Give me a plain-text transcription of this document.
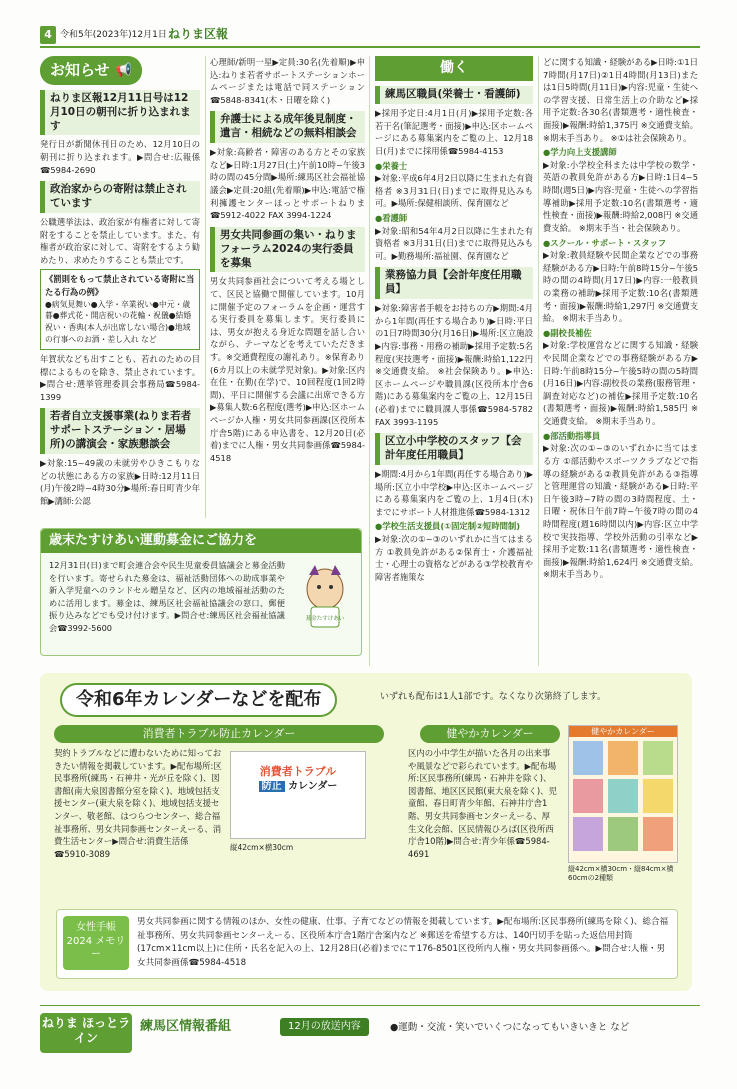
4 令和5年(2023年)12月1日 ねりま区報
お知らせ 📢
ねりま区報12月11日号は12月10日の朝刊に折り込まれます

発行日が新聞休刊日のため、12月10日の朝刊に折り込まれます。▶問合せ:広報係☎5984-2690

政治家からの寄附は禁止されています

公職選挙法は、政治家が有権者に対して寄附をすることを禁止しています。また、有権者が政治家に対して、寄附をするよう勧めたり、求めたりすることも禁止です。

《罰則をもって禁止されている寄附に当たる行為の例》
●病気見舞い●入学・卒業祝い●中元・歳暮●葬式花・開店祝いの花輪・祝儀●結婚祝い・香典(本人が出席しない場合)●地域の行事へのお酒・差し入れ など

年賀状なども出すことも、若れのための目標によるものを除き、禁止されています。▶問合せ:選挙管理委員会事務局☎5984-1399

若者自立支援事業(ねりま若者サポートステーション・居場所)の講演会・家族懇談会

▶対象:15~49歳の未就労やひきこもりなどの状態にある方の家族▶日時:12月11日(月)午後2時~4時30分▶場所:春日町青少年館▶講師:公認

心理師/新明一星▶定員:30名(先着順)▶申込:ねりま若者サポートステーションホームページまたは電話で同ステーション☎5848-8341(木・日曜を除く)

弁護士による成年後見制度・遺言・相続などの無料相談会

▶対象:高齢者・障害のある方とその家族など▶日時:1月27日(土)午前10時~午後3時の間の45分間▶場所:練馬区社会福祉協議会▶定員:20組(先着順)▶申込:電話で権利擁護センターほっとサポートねりま☎5912-4022 FAX 3994-1224

男女共同参画の集い・ねりまフォーラム2024の実行委員を募集

男女共同参画社会について考える場として、区民と協働で開催しています。10月に開催予定のフォーラムを企画・運営する実行委員を募集します。実行委員には、男女が抱える身近な問題を話し合いながら、テーマなどを考えていただきます。※交通費程度の謝礼あり。※保育あり(6カ月以上の未就学児対象)。▶対象:区内在住・在勤(在学)で、10回程度(1回2時間)、平日に開催する会議に出席できる方▶募集人数:6名程度(選考)▶申込:区ホームページか人権・男女共同参画課(区役所本庁舎5階)にある申込書を、12月20日(必着)までに人権・男女共同参画係☎5984-4518

歳末たすけあい運動募金にご協力を
12月31日(日)まで町会連合会や民生児童委員協議会と募金活動を行います。寄せられた募金は、福祉活動団体への助成事業や新入学児童へのランドセル贈呈など、区内の地域福祉活動のために活用します。募金は、練馬区社会福祉協議会の窓口、郵便振り込みなどでも受け付けます。▶問合せ:練馬区社会福祉協議会☎3992-5600
募金たすけあい
働く
練馬区職員(栄養士・看護師)

▶採用予定日:4月1日(月)▶採用予定数:各若干名(筆記選考・面接)▶申込:区ホームページにある募集案内をご覧の上、12月18日(月)までに採用係☎5984-4153

●栄養士

▶対象:平成6年4月2日以降に生まれた有資格者 ※3月31日(日)までに取得見込みも可。▶場所:保健相談所、保育園など

●看護師

▶対象:昭和54年4月2日以降に生まれた有資格者 ※3月31日(日)までに取得見込みも可。▶勤務場所:福祉園、保育園など

業務協力員【会計年度任用職員】

▶対象:障害者手帳をお持ちの方▶期間:4月から1年間(再任する場合あり)▶日時:平日の1日7時間30分(月16日)▶場所:区立施設▶内容:事務・用務の補助▶採用予定数:5名程度(実技選考・面接)▶報酬:時給1,122円 ※交通費支給。 ※社会保険あり。▶申込:区ホームページや職員課(区役所本庁舎6階)にある募集案内をご覧の上、12月15日(必着)までに職員課人事係☎5984-5782 FAX 3993-1195

区立小中学校のスタッフ【会計年度任用職員】

▶期間:4月から1年間(再任する場合あり)▶場所:区立小中学校▶申込:区ホームページにある募集案内をご覧の上、1月4日(木)までにサポート人材推進係☎5984-1312

●学校生活支援員(①固定制②短時間制)

▶対象:次の①~③のいずれかに当てはまる方 ①教員免許がある②保育士・介護福祉士・心理士の資格などがある③学校教育や障害者施策な

どに関する知識・経験がある▶日時:①1日7時間(月17日)②1日4時間(月13日)または1日5時間(月11日)▶内容:児童・生徒への学習支援、日常生活上の介助など▶採用予定数:各30名(書類選考・適性検査・面接)▶報酬:時給1,375円 ※交通費支給。 ※期末手当あり。 ※①は社会保険あり。

●学力向上支援講師

▶対象:小学校全科または中学校の数学・英語の教員免許がある方▶日時:1日4~5時間(週5日)▶内容:児童・生徒への学習指導補助▶採用予定数:10名(書類選考・適性検査・面接)▶報酬:時給2,008円 ※交通費支給。 ※期末手当・社会保険あり。

●スクール・サポート・スタッフ

▶対象:教員経験や民間企業などでの事務経験がある方▶日時:午前8時15分~午後5時の間の4時間(月17日)▶内容:一般教員の業務の補助▶採用予定数:10名(書類選考・面接)▶報酬:時給1,297円 ※交通費支給。 ※期末手当あり。

●副校長補佐

▶対象:学校運営などに関する知識・経験や民間企業などでの事務経験がある方▶日時:午前8時15分~午後5時の間の5時間(月16日)▶内容:副校長の業務(服務管理・調査対応など)の補佐▶採用予定数:10名(書類選考・面接)▶報酬:時給1,585円 ※交通費支給。 ※期末手当あり。

●部活動指導員

▶対象:次の①~③のいずれかに当てはまる方 ①部活動やスポーツクラブなどで指導の経験がある②教員免許がある③指導と管理運営の知識・経験がある▶日時:平日午後3時~7時の間の3時間程度、土・日曜・祝休日午前7時~午後7時の間の4時間程度(週16時間以内)▶内容:区立中学校で実技指導、学校外活動の引率など▶採用予定数:11名(書類選考・適性検査・面接)▶報酬:時給1,624円 ※交通費支給。 ※期末手当あり。

令和6年カレンダーなどを配布	いずれも配布は1人1部です。なくなり次第終了します。
消費者トラブル防止カレンダー
契約トラブルなどに遭わないために知っておきたい情報を掲載しています。▶配布場所:区民事務所(練馬・石神井・光が丘を除く)、図書館(南大泉図書館分室を除く)、地域包括支援センター(東大泉を除く)、地域包括支援センター、敬老館、はつらつセンター、総合福祉事務所、男女共同参画センターえーる、消費生活センター▶問合せ:消費生活係☎5910-3089
消費者トラブル
防止 カレンダー
縦42cm×横30cm
健やかカレンダー
区内の小中学生が描いた各月の出来事や風景などで彩られています。▶配布場所:区民事務所(練馬・石神井を除く)、図書館、地区区民館(東大泉を除く)、児童館、春日町青少年館、石神井庁舎1階、男女共同参画センターえーる、厚生文化会館、区民情報ひろば(区役所西庁舎10階)▶問合せ:青少年係☎5984-4691
健やかカレンダー
縦42cm×横30cm・縦84cm×横60cmの2種類
女性手帳 2024 メモリー
男女共同参画に関する情報のほか、女性の健康、仕事、子育てなどの情報を掲載しています。▶配布場所:区民事務所(練馬を除く)、総合福祉事務所、男女共同参画センターえーる、区役所本庁舎1階庁舎案内など ※郵送を希望する方は、140円切手を貼った返信用封筒(17cm×11cm以上)に住所・氏名を記入の上、12月28日(必着)までに〒176-8501区役所内人権・男女共同参画係へ。▶問合せ:人権・男女共同参画係☎5984-4518
ねりま ほっとライン
練馬区情報番組	12月の放送内容	●運動・交流・笑いでいくつになってもいきいきと など
